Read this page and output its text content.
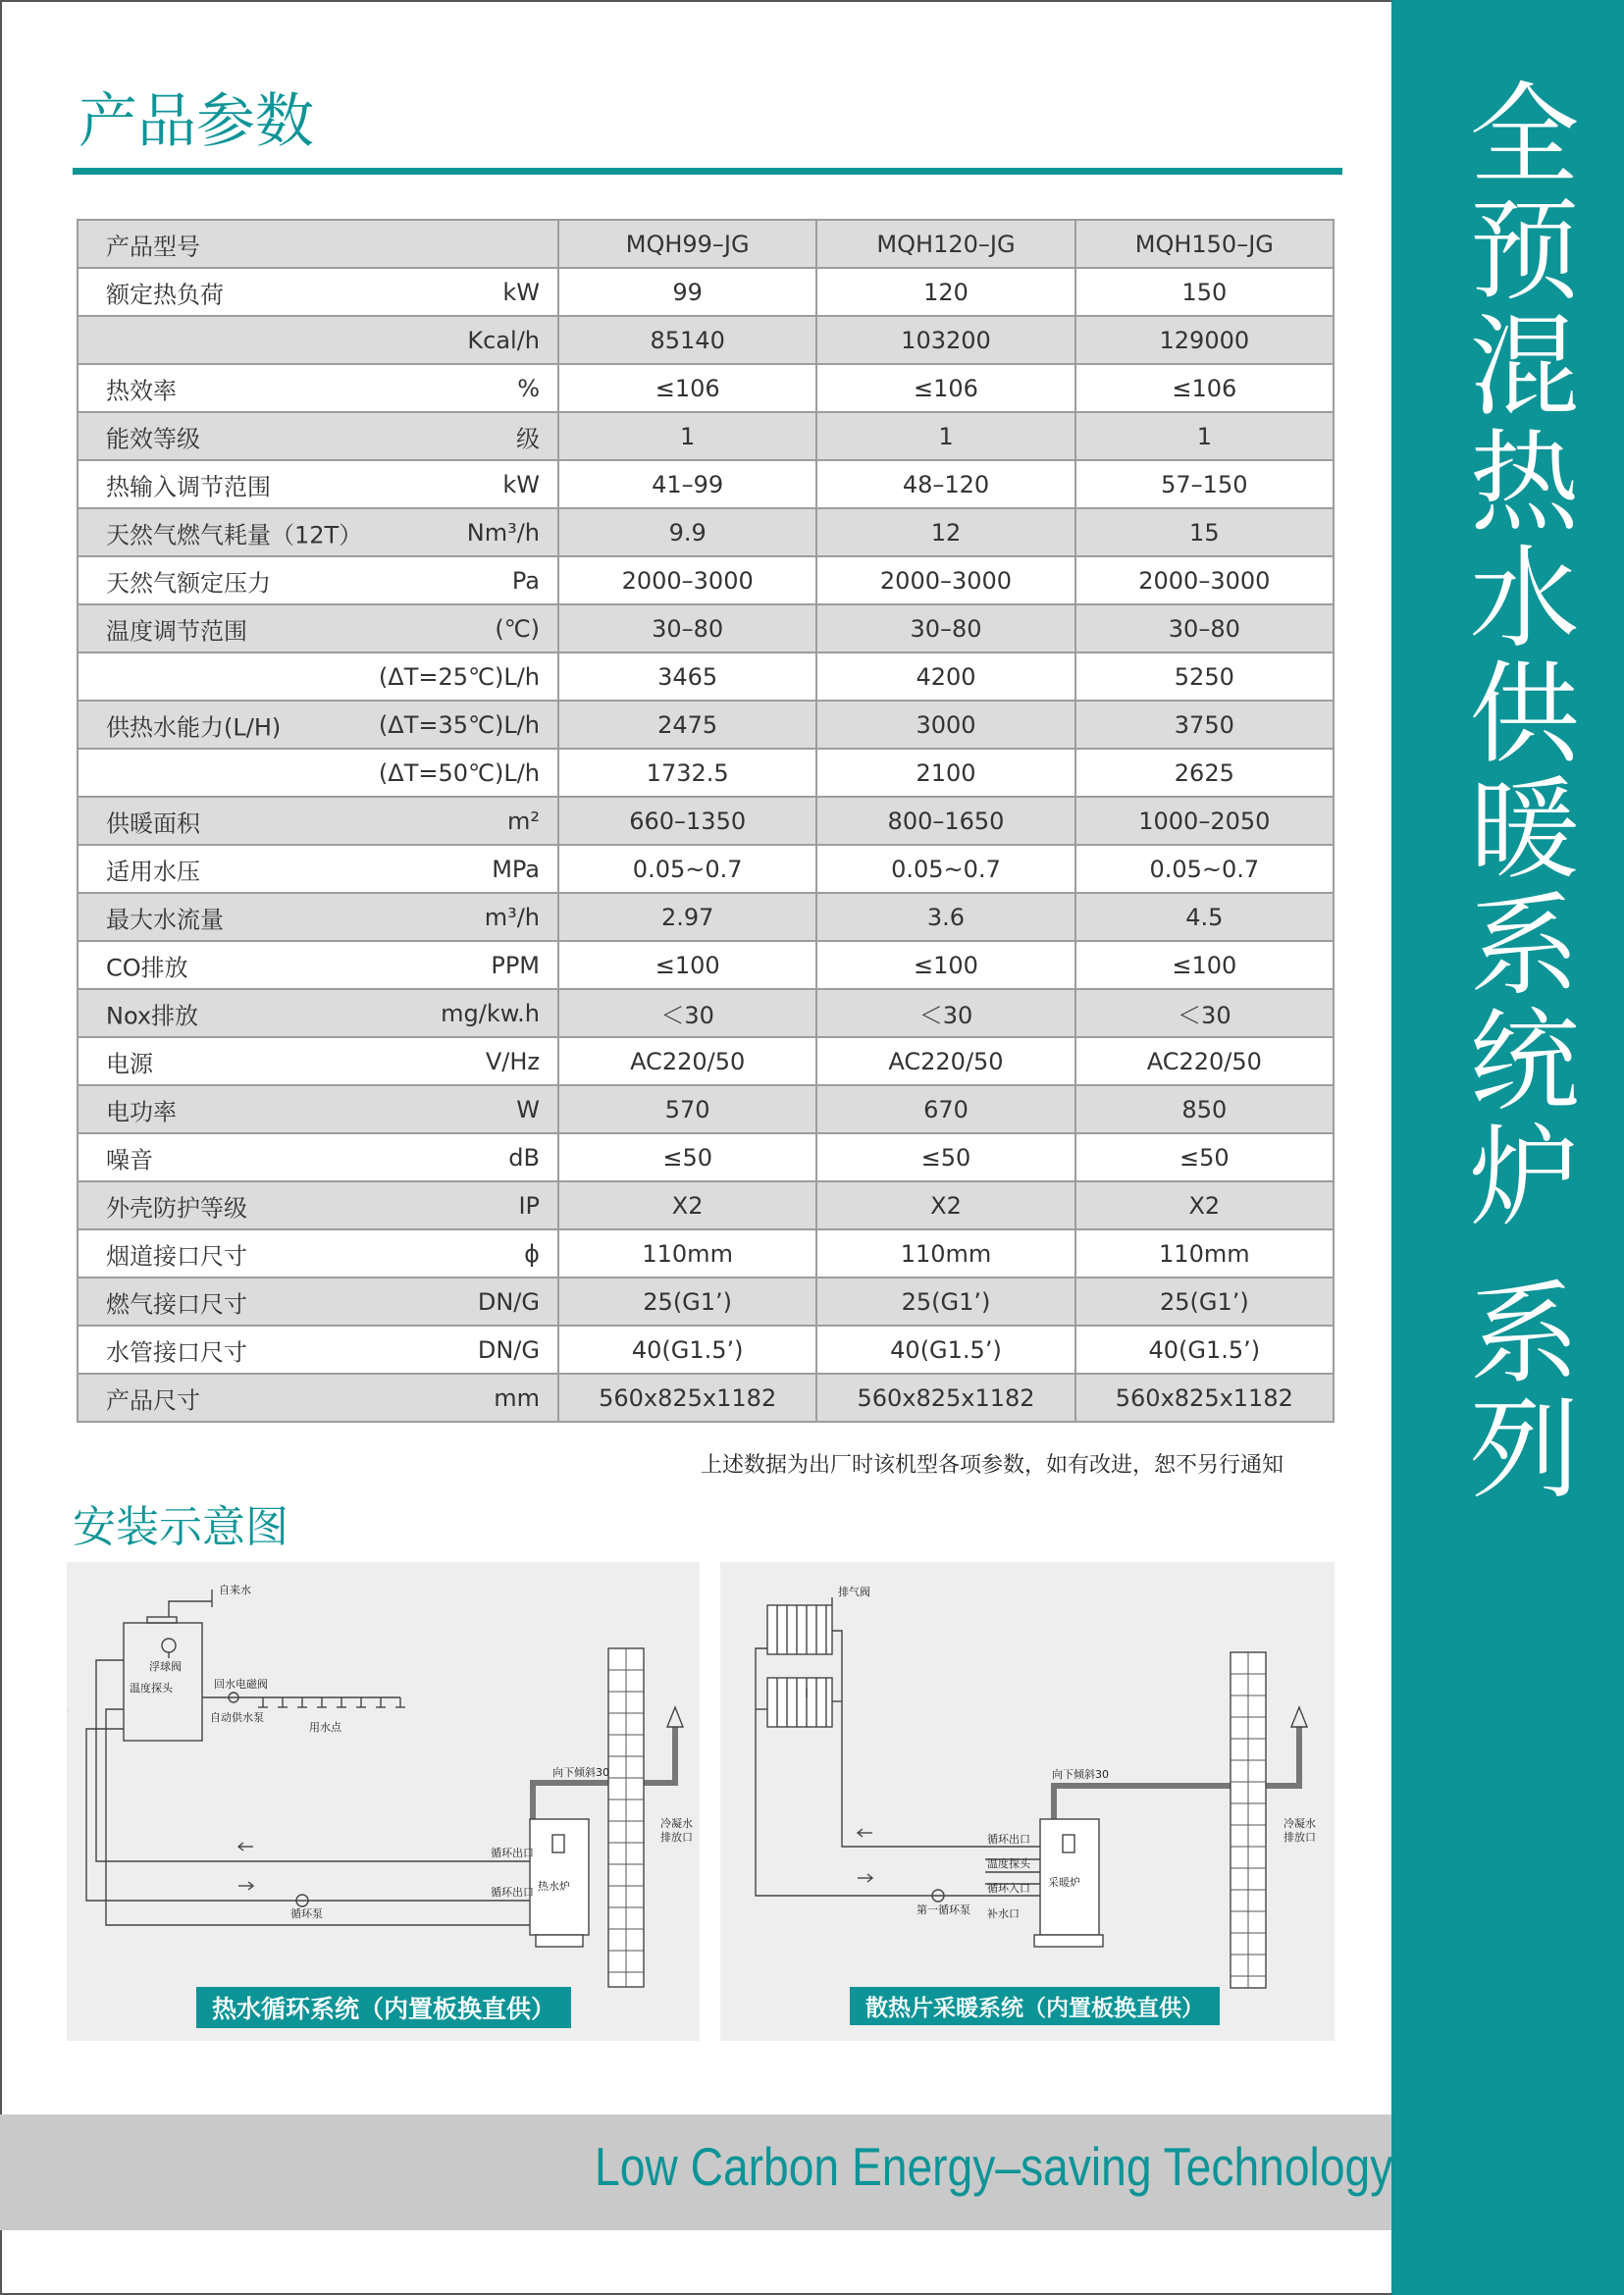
全预混热水供暖系统炉 系列
产品参数
产品型号	MQH99–JG	MQH120–JG	MQH150–JG

额定热负荷 kW	99	120	150

Kcal/h	85140	103200	129000

热效率 %	≤106	≤106	≤106

能效等级 级	1	1	1

热输入调节范围 kW	41–99	48–120	57–150

天然气燃气耗量（12T） Nm³/h	9.9	12	15

天然气额定压力 Pa	2000–3000	2000–3000	2000–3000

温度调节范围 (℃)	30–80	30–80	30–80

(ΔT=25℃)L/h	3465	4200	5250

供热水能力(L/H) (ΔT=35℃)L/h	2475	3000	3750

(ΔT=50℃)L/h	1732.5	2100	2625

供暖面积 m²	660–1350	800–1650	1000–2050

适用水压 MPa	0.05~0.7	0.05~0.7	0.05~0.7

最大水流量 m³/h	2.97	3.6	4.5

CO排放 PPM	≤100	≤100	≤100

Nox排放 mg/kw.h	＜30	＜30	＜30

电源 V/Hz	AC220/50	AC220/50	AC220/50

电功率 W	570	670	850

噪音 dB	≤50	≤50	≤50

外壳防护等级 IP	X2	X2	X2

烟道接口尺寸 ϕ	110mm	110mm	110mm

燃气接口尺寸 DN/G	25(G1’)	25(G1’)	25(G1’)

水管接口尺寸 DN/G	40(G1.5’)	40(G1.5’)	40(G1.5’)

产品尺寸 mm	560x825x1182	560x825x1182	560x825x1182
上述数据为出厂时该机型各项参数，如有改进，恕不另行通知
安装示意图
自来水
浮球阀
温度探头	回水电磁阀
自动供水泵
用水点
向下倾斜30
冷凝水
排放口
循环出口
循环出口
循环泵
热水炉
热水循环系统（内置板换直供）
排气阀
向下倾斜30
冷凝水
排放口
循环出口
温度探头
循环入口
补水口
第一循环泵
采暖炉
散热片采暖系统（内置板换直供）
Low Carbon Energy–saving Technology Explorer
